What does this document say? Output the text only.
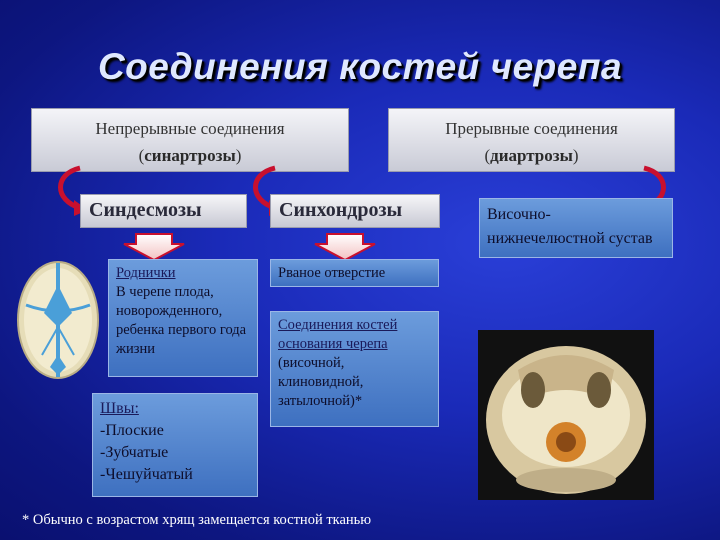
Соединения костей черепа
Непрерывные соединения
(синартрозы)
Прерывные соединения
(диартрозы)
Синдесмозы	Синхондрозы	Височно-нижнечелюстной сустав
Роднички
В черепе плода, новорожденного, ребенка первого года жизни
Швы:
-Плоские
-Зубчатые
-Чешуйчатый
Рваное отверстие
Соединения костей основания черепа
(височной, клиновидной, затылочной)*
* Обычно с возрастом хрящ замещается костной тканью
